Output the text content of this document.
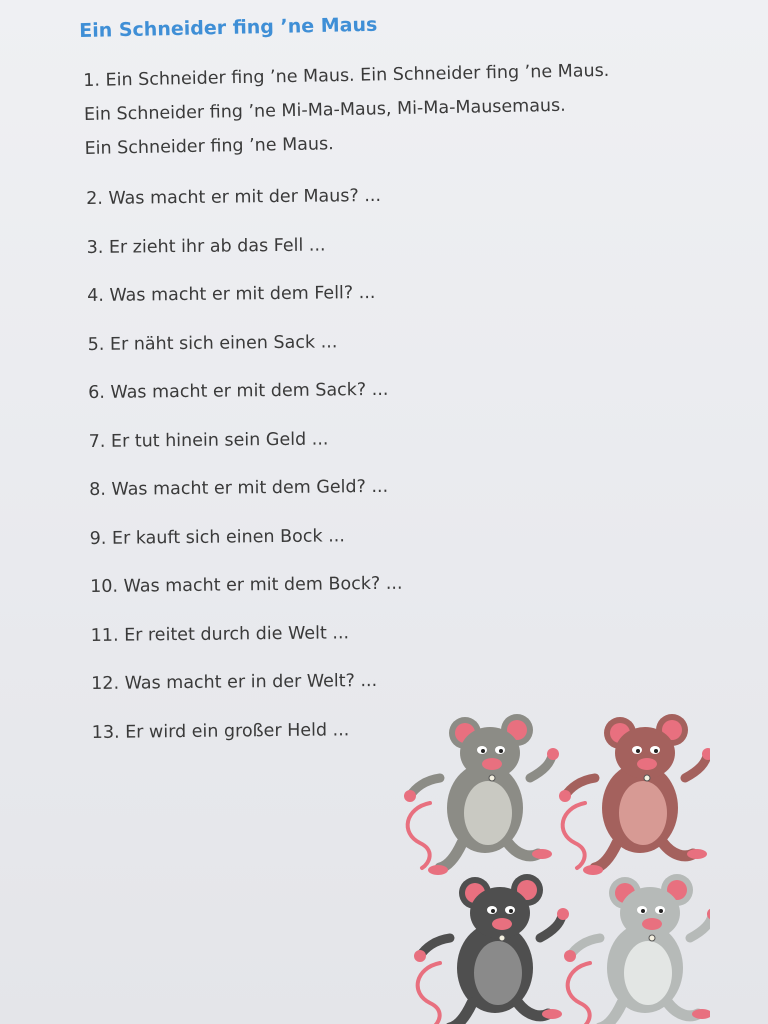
Ein Schneider fing ’ne Maus
1. Ein Schneider fing ’ne Maus. Ein Schneider fing ’ne Maus.
Ein Schneider fing ’ne Mi-Ma-Maus, Mi-Ma-Mausemaus.
Ein Schneider fing ’ne Maus.
2. Was macht er mit der Maus? ...
3. Er zieht ihr ab das Fell ...
4. Was macht er mit dem Fell? ...
5. Er näht sich einen Sack ...
6. Was macht er mit dem Sack? ...
7. Er tut hinein sein Geld ...
8. Was macht er mit dem Geld? ...
9. Er kauft sich einen Bock ...
10. Was macht er mit dem Bock? ...
11. Er reitet durch die Welt ...
12. Was macht er in der Welt? ...
13. Er wird ein großer Held ...
